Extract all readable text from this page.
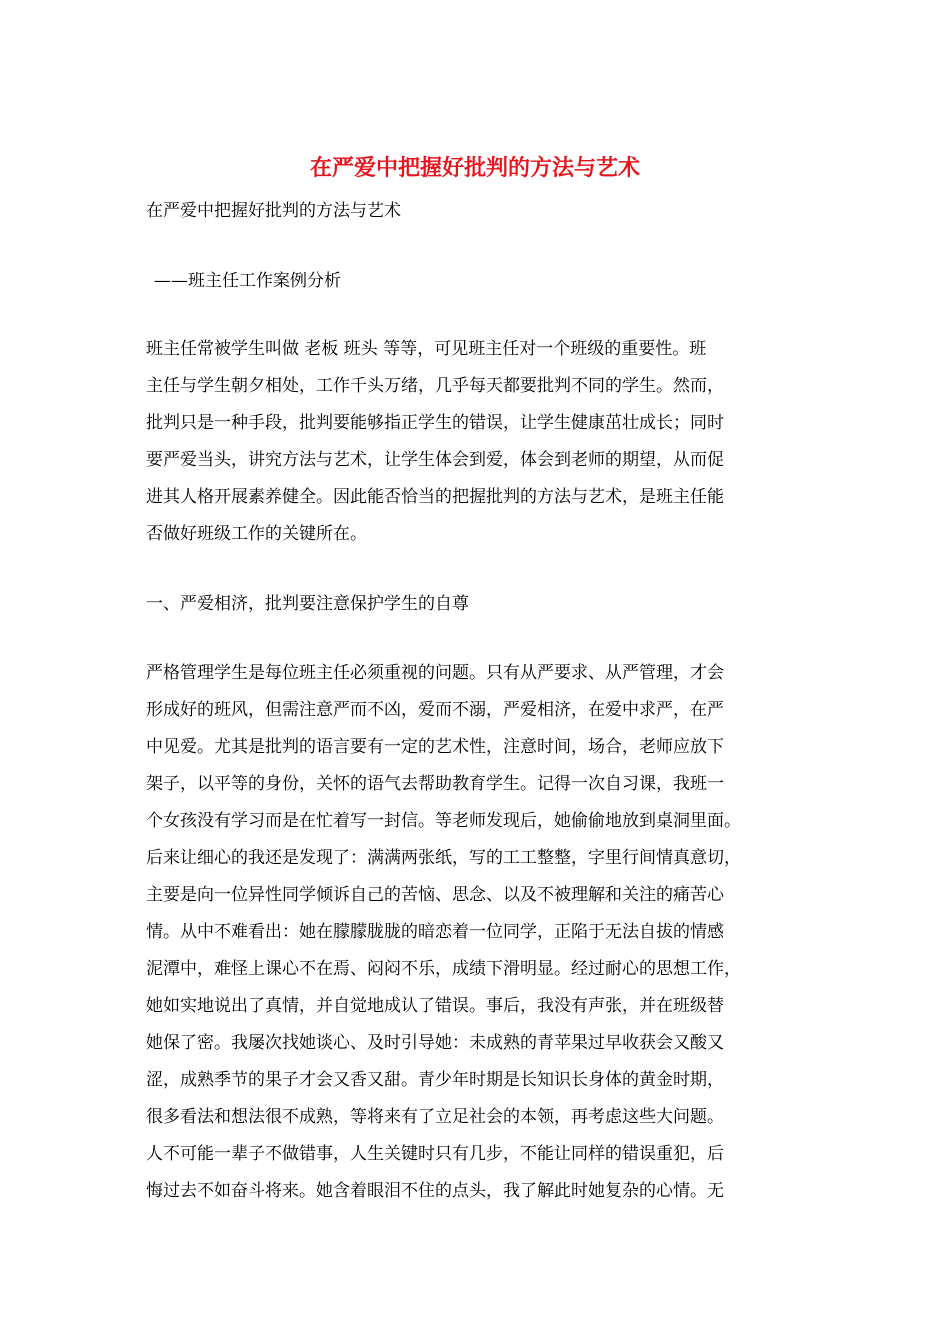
在严爱中把握好批判的方法与艺术
在严爱中把握好批判的方法与艺术
——班主任工作案例分析
班主任常被学生叫做 老板 班头 等等，可见班主任对一个班级的重要性。班
主任与学生朝夕相处，工作千头万绪，几乎每天都要批判不同的学生。然而，
批判只是一种手段，批判要能够指正学生的错误，让学生健康茁壮成长；同时
要严爱当头，讲究方法与艺术，让学生体会到爱，体会到老师的期望，从而促
进其人格开展素养健全。因此能否恰当的把握批判的方法与艺术，是班主任能
否做好班级工作的关键所在。
一、严爱相济，批判要注意保护学生的自尊
严格管理学生是每位班主任必须重视的问题。只有从严要求、从严管理，才会
形成好的班风，但需注意严而不凶，爱而不溺，严爱相济，在爱中求严，在严
中见爱。尤其是批判的语言要有一定的艺术性，注意时间，场合，老师应放下
架子，以平等的身份，关怀的语气去帮助教育学生。记得一次自习课，我班一
个女孩没有学习而是在忙着写一封信。等老师发现后，她偷偷地放到桌洞里面。
后来让细心的我还是发现了：满满两张纸，写的工工整整，字里行间情真意切，
主要是向一位异性同学倾诉自己的苦恼、思念、以及不被理解和关注的痛苦心
情。从中不难看出：她在朦朦胧胧的暗恋着一位同学，正陷于无法自拔的情感
泥潭中，难怪上课心不在焉、闷闷不乐，成绩下滑明显。经过耐心的思想工作，
她如实地说出了真情，并自觉地成认了错误。事后，我没有声张，并在班级替
她保了密。我屡次找她谈心、及时引导她：未成熟的青苹果过早收获会又酸又
涩，成熟季节的果子才会又香又甜。青少年时期是长知识长身体的黄金时期，
很多看法和想法很不成熟，等将来有了立足社会的本领，再考虑这些大问题。
人不可能一辈子不做错事，人生关键时只有几步，不能让同样的错误重犯，后
悔过去不如奋斗将来。她含着眼泪不住的点头，我了解此时她复杂的心情。无
